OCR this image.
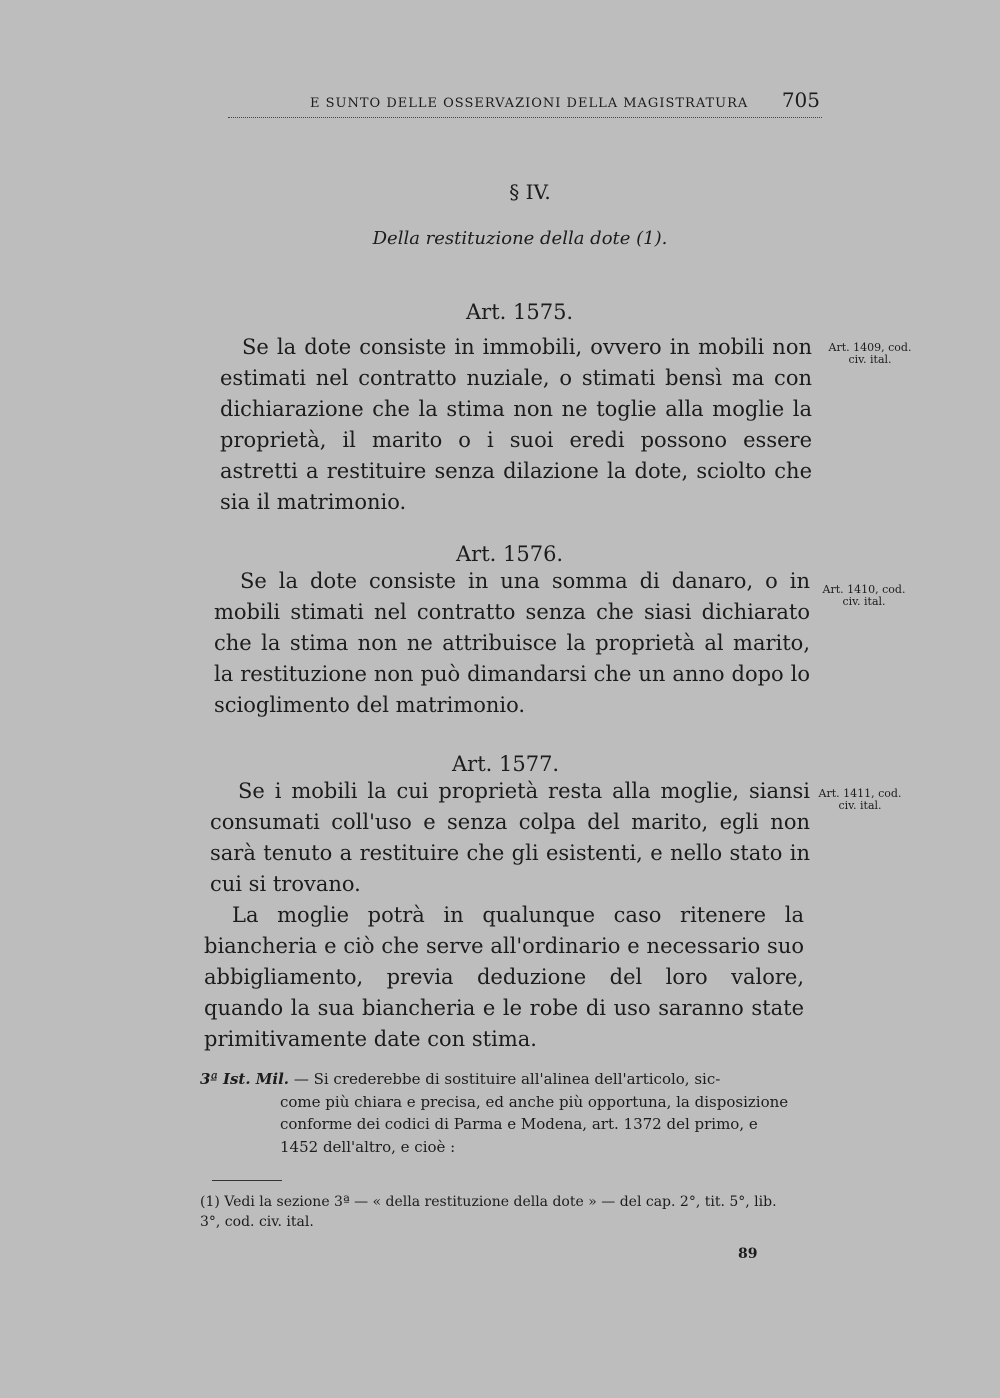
E SUNTO DELLE OSSERVAZIONI DELLA MAGISTRATURA 705
§ IV.
Della restituzione della dote (1).
Art. 1575.

Se la dote consiste in immobili, ovvero in mobili non estimati nel contratto nuziale, o stimati bensì ma con dichiarazione che la stima non ne toglie alla moglie la proprietà, il marito o i suoi eredi possono essere astretti a restituire senza dilazione la dote, sciolto che sia il matrimonio.

Art. 1409, cod. civ. ital.
Art. 1576.

Se la dote consiste in una somma di danaro, o in mobili stimati nel contratto senza che siasi dichiarato che la stima non ne attribuisce la proprietà al marito, la restituzione non può dimandarsi che un anno dopo lo scioglimento del matrimonio.

Art. 1410, cod. civ. ital.
Art. 1577.

Se i mobili la cui proprietà resta alla moglie, siansi consumati coll'uso e senza colpa del marito, egli non sarà tenuto a restituire che gli esistenti, e nello stato in cui si trovano.

La moglie potrà in qualunque caso ritenere la biancheria e ciò che serve all'ordinario e necessario suo abbigliamento, previa deduzione del loro valore, quando la sua biancheria e le robe di uso saranno state primitivamente date con stima.

Art. 1411, cod. civ. ital.
3ª Ist. Mil. — Si crederebbe di sostituire all'alinea dell'articolo, sic-
come più chiara e precisa, ed anche più opportuna, la disposizione conforme dei codici di Parma e Modena, art. 1372 del primo, e 1452 dell'altro, e cioè :
(1) Vedi la sezione 3ª — « della restituzione della dote » — del cap. 2°, tit. 5°, lib. 3°, cod. civ. ital.
89
